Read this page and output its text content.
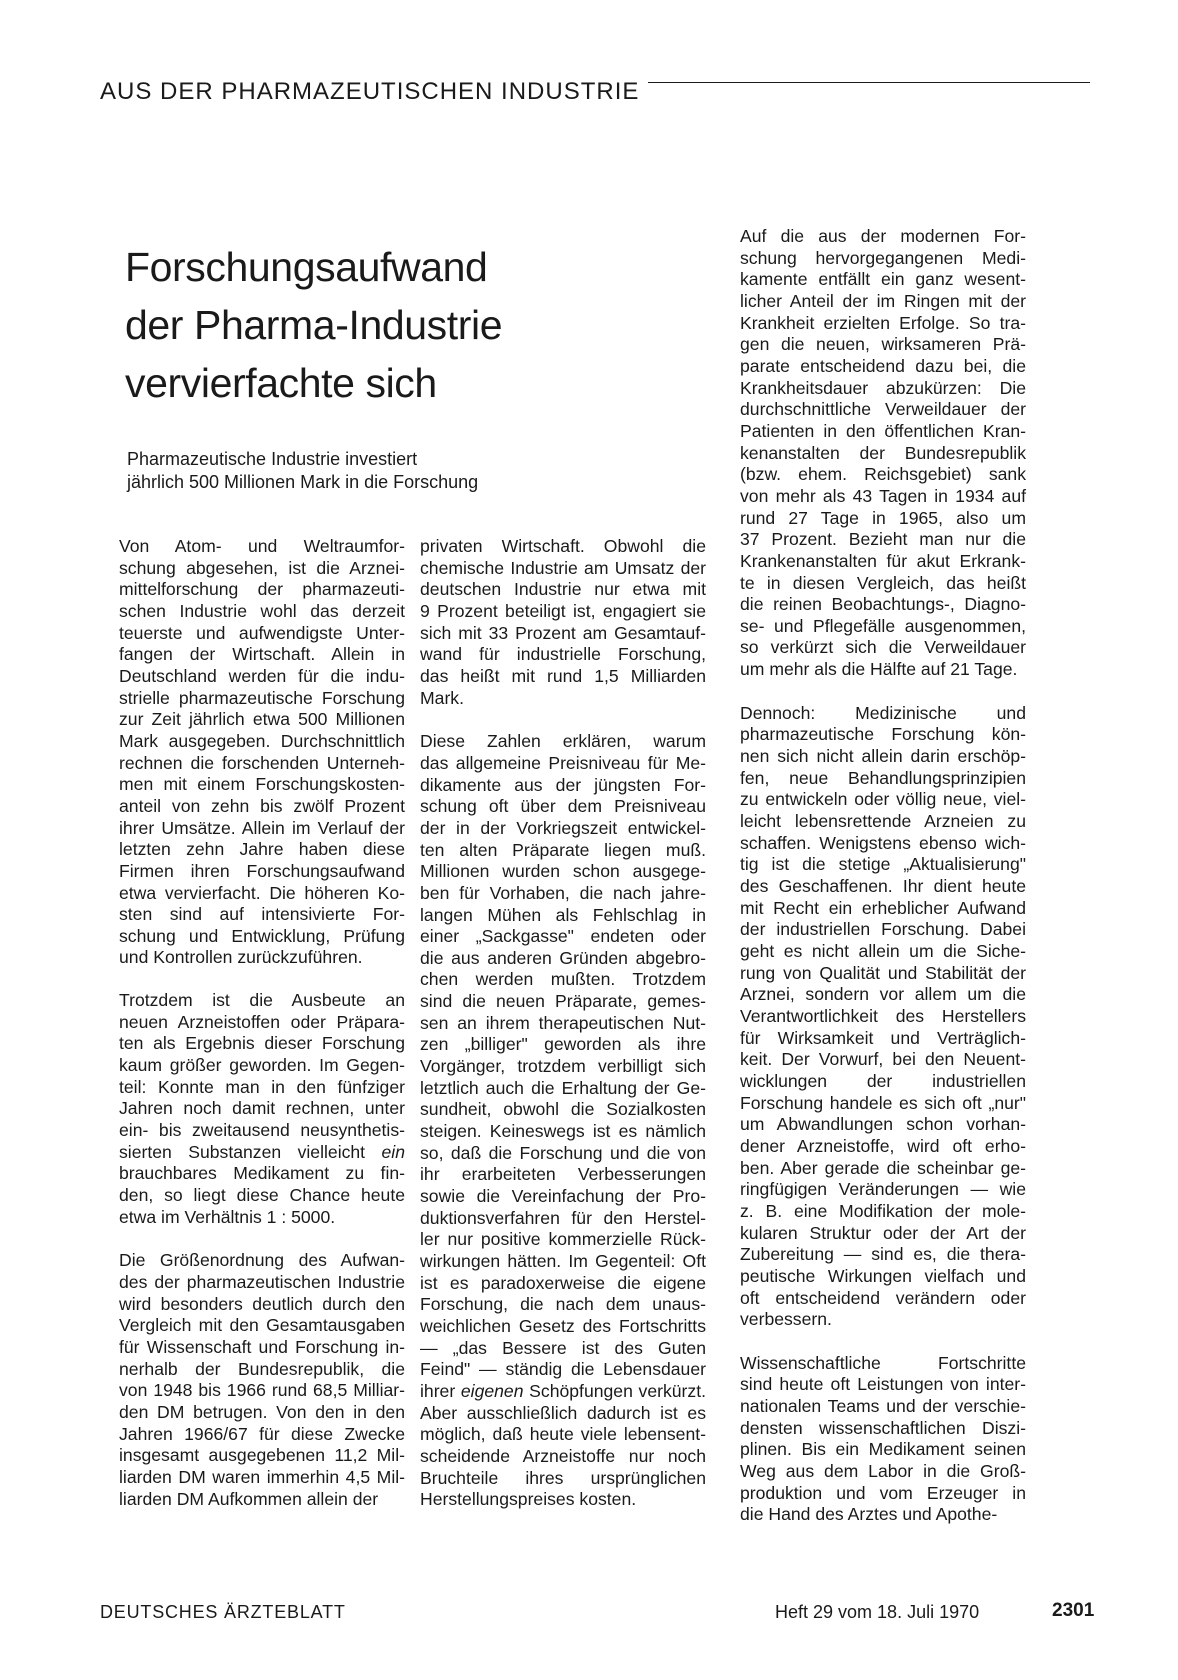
AUS DER PHARMAZEUTISCHEN INDUSTRIE
Forschungsaufwand
der Pharma-Industrie
vervierfachte sich
Pharmazeutische Industrie investiert
jährlich 500 Millionen Mark in die Forschung

Von Atom- und Weltraumfor-
schung abgesehen, ist die Arznei-
mittelforschung der pharmazeuti-
schen Industrie wohl das derzeit
teuerste und aufwendigste Unter-
fangen der Wirtschaft. Allein in
Deutschland werden für die indu-
strielle pharmazeutische Forschung
zur Zeit jährlich etwa 500 Millionen
Mark ausgegeben. Durchschnittlich
rechnen die forschenden Unterneh-
men mit einem Forschungskosten-
anteil von zehn bis zwölf Prozent
ihrer Umsätze. Allein im Verlauf der
letzten zehn Jahre haben diese
Firmen ihren Forschungsaufwand
etwa vervierfacht. Die höheren Ko-
sten sind auf intensivierte For-
schung und Entwicklung, Prüfung
und Kontrollen zurückzuführen.

Trotzdem ist die Ausbeute an
neuen Arzneistoffen oder Präpara-
ten als Ergebnis dieser Forschung
kaum größer geworden. Im Gegen-
teil: Konnte man in den fünfziger
Jahren noch damit rechnen, unter
ein- bis zweitausend neusynthetis-
sierten Substanzen vielleicht ein
brauchbares Medikament zu fin-
den, so liegt diese Chance heute
etwa im Verhältnis 1 : 5000.

Die Größenordnung des Aufwan-
des der pharmazeutischen Industrie
wird besonders deutlich durch den
Vergleich mit den Gesamtausgaben
für Wissenschaft und Forschung in-
nerhalb der Bundesrepublik, die
von 1948 bis 1966 rund 68,5 Milliar-
den DM betrugen. Von den in den
Jahren 1966/67 für diese Zwecke
insgesamt ausgegebenen 11,2 Mil-
liarden DM waren immerhin 4,5 Mil-
liarden DM Aufkommen allein der

privaten Wirtschaft. Obwohl die
chemische Industrie am Umsatz der
deutschen Industrie nur etwa mit
9 Prozent beteiligt ist, engagiert sie
sich mit 33 Prozent am Gesamtauf-
wand für industrielle Forschung,
das heißt mit rund 1,5 Milliarden
Mark.

Diese Zahlen erklären, warum
das allgemeine Preisniveau für Me-
dikamente aus der jüngsten For-
schung oft über dem Preisniveau
der in der Vorkriegszeit entwickel-
ten alten Präparate liegen muß.
Millionen wurden schon ausgege-
ben für Vorhaben, die nach jahre-
langen Mühen als Fehlschlag in
einer „Sackgasse" endeten oder
die aus anderen Gründen abgebro-
chen werden mußten. Trotzdem
sind die neuen Präparate, gemes-
sen an ihrem therapeutischen Nut-
zen „billiger" geworden als ihre
Vorgänger, trotzdem verbilligt sich
letztlich auch die Erhaltung der Ge-
sundheit, obwohl die Sozialkosten
steigen. Keineswegs ist es nämlich
so, daß die Forschung und die von
ihr erarbeiteten Verbesserungen
sowie die Vereinfachung der Pro-
duktionsverfahren für den Herstel-
ler nur positive kommerzielle Rück-
wirkungen hätten. Im Gegenteil: Oft
ist es paradoxerweise die eigene
Forschung, die nach dem unaus-
weichlichen Gesetz des Fortschritts
— „das Bessere ist des Guten
Feind" — ständig die Lebensdauer
ihrer eigenen Schöpfungen verkürzt.
Aber ausschließlich dadurch ist es
möglich, daß heute viele lebensent-
scheidende Arzneistoffe nur noch
Bruchteile ihres ursprünglichen
Herstellungspreises kosten.

Auf die aus der modernen For-
schung hervorgegangenen Medi-
kamente entfällt ein ganz wesent-
licher Anteil der im Ringen mit der
Krankheit erzielten Erfolge. So tra-
gen die neuen, wirksameren Prä-
parate entscheidend dazu bei, die
Krankheitsdauer abzukürzen: Die
durchschnittliche Verweildauer der
Patienten in den öffentlichen Kran-
kenanstalten der Bundesrepublik
(bzw. ehem. Reichsgebiet) sank
von mehr als 43 Tagen in 1934 auf
rund 27 Tage in 1965, also um
37 Prozent. Bezieht man nur die
Krankenanstalten für akut Erkrank-
te in diesen Vergleich, das heißt
die reinen Beobachtungs-, Diagno-
se- und Pflegefälle ausgenommen,
so verkürzt sich die Verweildauer
um mehr als die Hälfte auf 21 Tage.

Dennoch: Medizinische und
pharmazeutische Forschung kön-
nen sich nicht allein darin erschöp-
fen, neue Behandlungsprinzipien
zu entwickeln oder völlig neue, viel-
leicht lebensrettende Arzneien zu
schaffen. Wenigstens ebenso wich-
tig ist die stetige „Aktualisierung"
des Geschaffenen. Ihr dient heute
mit Recht ein erheblicher Aufwand
der industriellen Forschung. Dabei
geht es nicht allein um die Siche-
rung von Qualität und Stabilität der
Arznei, sondern vor allem um die
Verantwortlichkeit des Herstellers
für Wirksamkeit und Verträglich-
keit. Der Vorwurf, bei den Neuent-
wicklungen der industriellen
Forschung handele es sich oft „nur"
um Abwandlungen schon vorhan-
dener Arzneistoffe, wird oft erho-
ben. Aber gerade die scheinbar ge-
ringfügigen Veränderungen — wie
z. B. eine Modifikation der mole-
kularen Struktur oder der Art der
Zubereitung — sind es, die thera-
peutische Wirkungen vielfach und
oft entscheidend verändern oder
verbessern.

Wissenschaftliche Fortschritte
sind heute oft Leistungen von inter-
nationalen Teams und der verschie-
densten wissenschaftlichen Diszi-
plinen. Bis ein Medikament seinen
Weg aus dem Labor in die Groß-
produktion und vom Erzeuger in
die Hand des Arztes und Apothe-

DEUTSCHES ÄRZTEBLATT	Heft 29 vom 18. Juli 1970	2301
